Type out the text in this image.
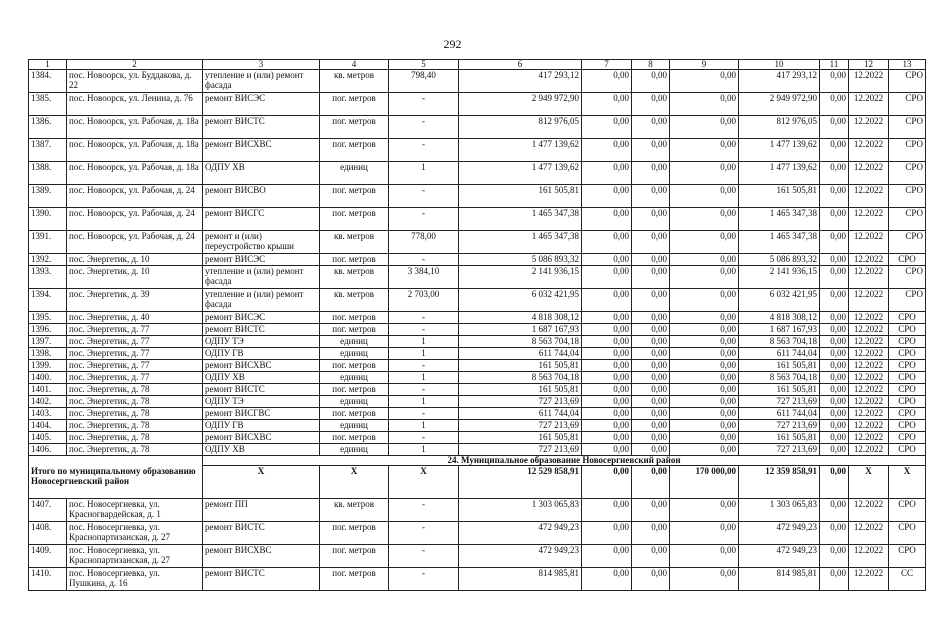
292
1	2	3	4	5	6	7	8	9	10	11	12	13
1384.	пос. Новоорск, ул. Буддакова, д. 22	утепление и (или) ремонт фасада	кв. метров	798,40	417 293,12	0,00	0,00	0,00	417 293,12	0,00	12.2022	СРО
1385.	пос. Новоорск, ул. Ленина, д. 76	ремонт ВИСЭС	пог. метров	-	2 949 972,90	0,00	0,00	0,00	2 949 972,90	0,00	12.2022	СРО
1386.	пос. Новоорск, ул. Рабочая, д. 18а	ремонт ВИСТС	пог. метров	-	812 976,05	0,00	0,00	0,00	812 976,05	0,00	12.2022	СРО
1387.	пос. Новоорск, ул. Рабочая, д. 18а	ремонт ВИСХВС	пог. метров	-	1 477 139,62	0,00	0,00	0,00	1 477 139,62	0,00	12.2022	СРО
1388.	пос. Новоорск, ул. Рабочая, д. 18а	ОДПУ ХВ	единиц	1	1 477 139,62	0,00	0,00	0,00	1 477 139,62	0,00	12.2022	СРО
1389.	пос. Новоорск, ул. Рабочая, д. 24	ремонт ВИСВО	пог. метров	-	161 505,81	0,00	0,00	0,00	161 505,81	0,00	12.2022	СРО
1390.	пос. Новоорск, ул. Рабочая, д. 24	ремонт ВИСГС	пог. метров	-	1 465 347,38	0,00	0,00	0,00	1 465 347,38	0,00	12.2022	СРО
1391.	пос. Новоорск, ул. Рабочая, д. 24	ремонт и (или) переустройство крыши	кв. метров	778,00	1 465 347,38	0,00	0,00	0,00	1 465 347,38	0,00	12.2022	СРО
1392.	пос. Энергетик, д. 10	ремонт ВИСЭС	пог. метров	-	5 086 893,32	0,00	0,00	0,00	5 086 893,32	0,00	12.2022	СРО
1393.	пос. Энергетик, д. 10	утепление и (или) ремонт фасада	кв. метров	3 384,10	2 141 936,15	0,00	0,00	0,00	2 141 936,15	0,00	12.2022	СРО
1394.	пос. Энергетик, д. 39	утепление и (или) ремонт фасада	кв. метров	2 703,00	6 032 421,95	0,00	0,00	0,00	6 032 421,95	0,00	12.2022	СРО
1395.	пос. Энергетик, д. 40	ремонт ВИСЭС	пог. метров	-	4 818 308,12	0,00	0,00	0,00	4 818 308,12	0,00	12.2022	СРО
1396.	пос. Энергетик, д. 77	ремонт ВИСТС	пог. метров	-	1 687 167,93	0,00	0,00	0,00	1 687 167,93	0,00	12.2022	СРО
1397.	пос. Энергетик, д. 77	ОДПУ ТЭ	единиц	1	8 563 704,18	0,00	0,00	0,00	8 563 704,18	0,00	12.2022	СРО
1398.	пос. Энергетик, д. 77	ОДПУ ГВ	единиц	1	611 744,04	0,00	0,00	0,00	611 744,04	0,00	12.2022	СРО
1399.	пос. Энергетик, д. 77	ремонт ВИСХВС	пог. метров	-	161 505,81	0,00	0,00	0,00	161 505,81	0,00	12.2022	СРО
1400.	пос. Энергетик, д. 77	ОДПУ ХВ	единиц	1	8 563 704,18	0,00	0,00	0,00	8 563 704,18	0,00	12.2022	СРО
1401.	пос. Энергетик, д. 78	ремонт ВИСТС	пог. метров	-	161 505,81	0,00	0,00	0,00	161 505,81	0,00	12.2022	СРО
1402.	пос. Энергетик, д. 78	ОДПУ ТЭ	единиц	1	727 213,69	0,00	0,00	0,00	727 213,69	0,00	12.2022	СРО
1403.	пос. Энергетик, д. 78	ремонт ВИСГВС	пог. метров	-	611 744,04	0,00	0,00	0,00	611 744,04	0,00	12.2022	СРО
1404.	пос. Энергетик, д. 78	ОДПУ ГВ	единиц	1	727 213,69	0,00	0,00	0,00	727 213,69	0,00	12.2022	СРО
1405.	пос. Энергетик, д. 78	ремонт ВИСХВС	пог. метров	-	161 505,81	0,00	0,00	0,00	161 505,81	0,00	12.2022	СРО
1406.	пос. Энергетик, д. 78	ОДПУ ХВ	единиц	1	727 213,69	0,00	0,00	0,00	727 213,69	0,00	12.2022	СРО
		24. Муниципальное образование Новосергиевский район										
Итого по муниципальному образованию Новосергиевский район		X	X	X	12 529 858,91	0,00	0,00	170 000,00	12 359 858,91	0,00	X	X
1407.	пос. Новосергиевка, ул. Красногвардейская, д. 1	ремонт ПП	кв. метров	-	1 303 065,83	0,00	0,00	0,00	1 303 065,83	0,00	12.2022	СРО
1408.	пос. Новосергиевка, ул. Краснопартизанская, д. 27	ремонт ВИСТС	пог. метров	-	472 949,23	0,00	0,00	0,00	472 949,23	0,00	12.2022	СРО
1409.	пос. Новосергиевка, ул. Краснопартизанская, д. 27	ремонт ВИСХВС	пог. метров	-	472 949,23	0,00	0,00	0,00	472 949,23	0,00	12.2022	СРО
1410.	пос. Новосергиевка, ул. Пушкина, д. 16	ремонт ВИСТС	пог. метров	-	814 985,81	0,00	0,00	0,00	814 985,81	0,00	12.2022	СС
